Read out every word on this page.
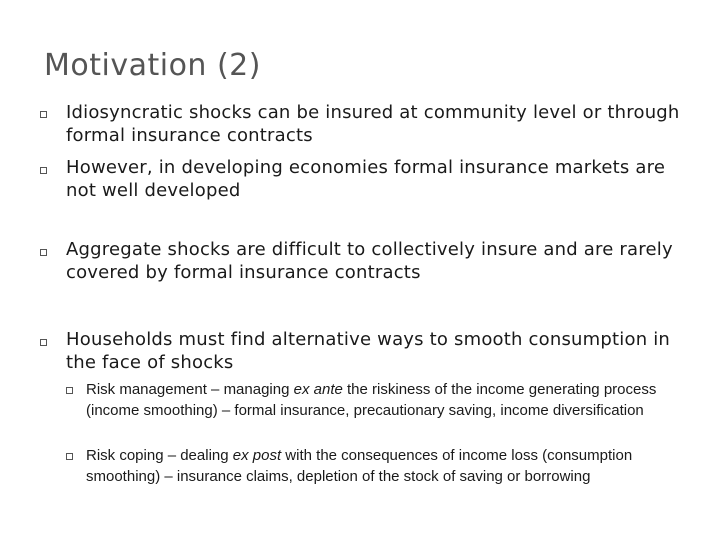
Motivation (2)
Idiosyncratic shocks can be insured at community level or through formal insurance contracts
However, in developing economies formal insurance markets are not well developed
Aggregate shocks are difficult to collectively insure and are rarely covered by formal insurance contracts
Households must find alternative ways to smooth consumption in the face of shocks
Risk management – managing ex ante the riskiness of the income generating process (income smoothing) – formal insurance, precautionary saving, income diversification
Risk coping – dealing ex post with the consequences of income loss (consumption smoothing) – insurance claims, depletion of the stock of saving or borrowing
